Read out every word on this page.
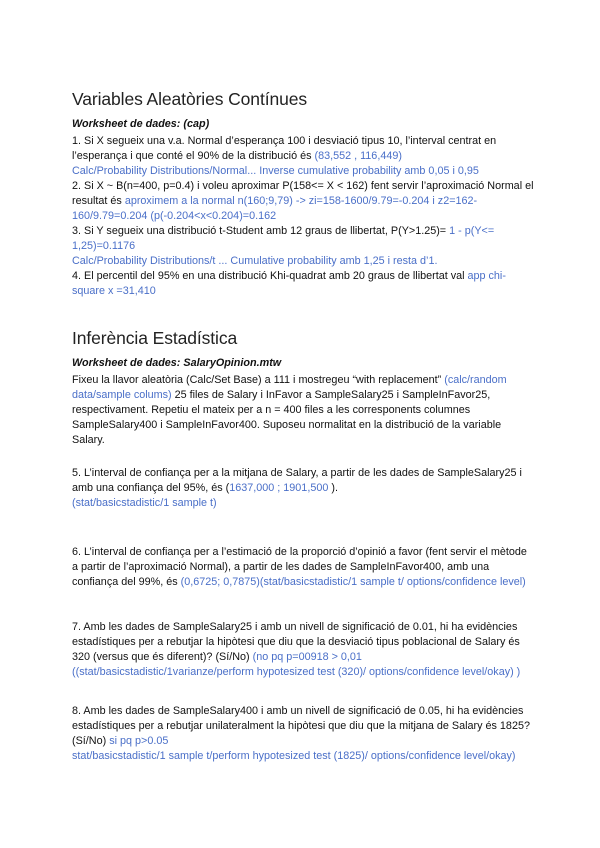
Variables Aleatòries Contínues

Worksheet de dades: (cap)

1. Si X segueix una v.a. Normal d’esperança 100 i desviació tipus 10, l’interval centrat en l’esperança i que conté el 90% de la distribució és (83,552 , 116,449)

Calc/Probability Distributions/Normal... Inverse cumulative probability amb 0,05 i 0,95

2. Si X ~ B(n=400, p=0.4) i voleu aproximar P(158<= X < 162) fent servir l’aproximació Normal el resultat és aproximem a la normal n(160;9,79) -> zi=158-1600/9.79=-0.204 i z2=162-160/9.79=0.204 (p(-0.204<x<0.204)=0.162

3. Si Y segueix una distribució t-Student amb 12 graus de llibertat, P(Y>1.25)= 1 - p(Y<= 1,25)=0.1176

Calc/Probability Distributions/t ... Cumulative probability amb 1,25 i resta d’1.

4. El percentil del 95% en una distribució Khi-quadrat amb 20 graus de llibertat val app chi-square x =31,410

Inferència Estadística

Worksheet de dades: SalaryOpinion.mtw

Fixeu la llavor aleatòria (Calc/Set Base) a 111 i mostregeu “with replacement” (calc/random data/sample colums) 25 files de Salary i InFavor a SampleSalary25 i SampleInFavor25, respectivament. Repetiu el mateix per a n = 400 files a les corresponents columnes SampleSalary400 i SampleInFavor400. Suposeu normalitat en la distribució de la variable Salary.

5. L’interval de confiança per a la mitjana de Salary, a partir de les dades de SampleSalary25 i amb una confiança del 95%, és (1637,000 ; 1901,500 ).

(stat/basicstadistic/1 sample t)

6. L’interval de confiança per a l’estimació de la proporció d’opinió a favor (fent servir el mètode a partir de l’aproximació Normal), a partir de les dades de SampleInFavor400, amb una confiança del 99%, és (0,6725; 0,7875)(stat/basicstadistic/1 sample t/ options/confidence level)

7. Amb les dades de SampleSalary25 i amb un nivell de significació de 0.01, hi ha evidències estadístiques per a rebutjar la hipòtesi que diu que la desviació tipus poblacional de Salary és 320 (versus que és diferent)? (Sí/No) (no pq p=00918 > 0,01 ((stat/basicstadistic/1varianze/perform hypotesized test (320)/ options/confidence level/okay) )

8. Amb les dades de SampleSalary400 i amb un nivell de significació de 0.05, hi ha evidències estadístiques per a rebutjar unilateralment la hipòtesi que diu que la mitjana de Salary és 1825? (Sí/No) si pq p>0.05

stat/basicstadistic/1 sample t/perform hypotesized test (1825)/ options/confidence level/okay)
